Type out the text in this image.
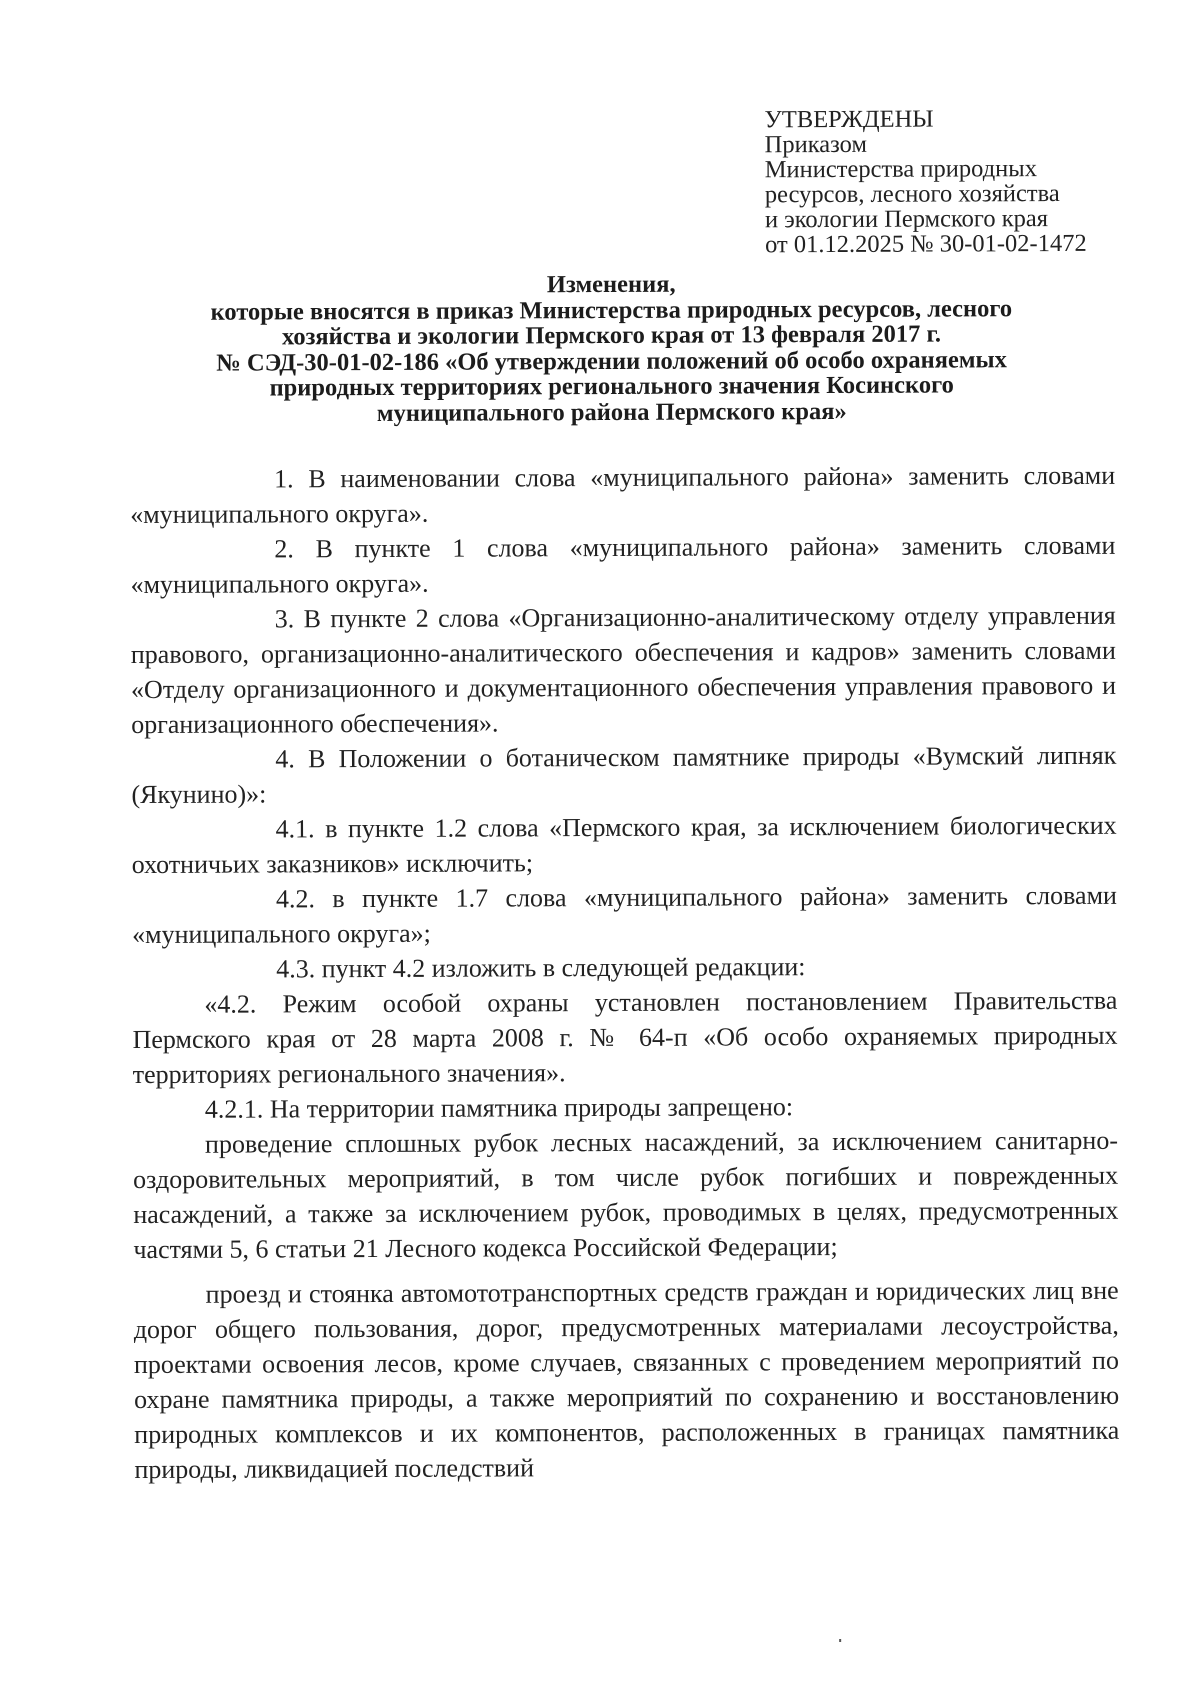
УТВЕРЖДЕНЫ
Приказом
Министерства природных
ресурсов, лесного хозяйства
и экологии Пермского края
от 01.12.2025 № 30-01-02-1472
Изменения,
которые вносятся в приказ Министерства природных ресурсов, лесного
хозяйства и экологии Пермского края от 13 февраля 2017 г.
№ СЭД-30-01-02-186 «Об утверждении положений об особо охраняемых
природных территориях регионального значения Косинского
муниципального района Пермского края»

1. В наименовании слова «муниципального района» заменить словами «муниципального округа».

2. В пункте 1 слова «муниципального района» заменить словами «муниципального округа».

3. В пункте 2 слова «Организационно-аналитическому отделу управления правового, организационно-аналитического обеспечения и кадров» заменить словами «Отделу организационного и документационного обеспечения управления правового и организационного обеспечения».

4. В Положении о ботаническом памятнике природы «Вумский липняк (Якунино)»:

4.1. в пункте 1.2 слова «Пермского края, за исключением биологических охотничьих заказников» исключить;

4.2. в пункте 1.7 слова «муниципального района» заменить словами «муниципального округа»;

4.3. пункт 4.2 изложить в следующей редакции:

«4.2. Режим особой охраны установлен постановлением Правительства Пермского края от 28 марта 2008 г. № 64-п «Об особо охраняемых природных территориях регионального значения».

4.2.1. На территории памятника природы запрещено:

проведение сплошных рубок лесных насаждений, за исключением санитарно-оздоровительных мероприятий, в том числе рубок погибших и поврежденных насаждений, а также за исключением рубок, проводимых в целях, предусмотренных частями 5, 6 статьи 21 Лесного кодекса Российской Федерации;

проезд и стоянка автомототранспортных средств граждан и юридических лиц вне дорог общего пользования, дорог, предусмотренных материалами лесоустройства, проектами освоения лесов, кроме случаев, связанных с проведением мероприятий по охране памятника природы, а также мероприятий по сохранению и восстановлению природных комплексов и их компонентов, расположенных в границах памятника природы, ликвидацией последствий
